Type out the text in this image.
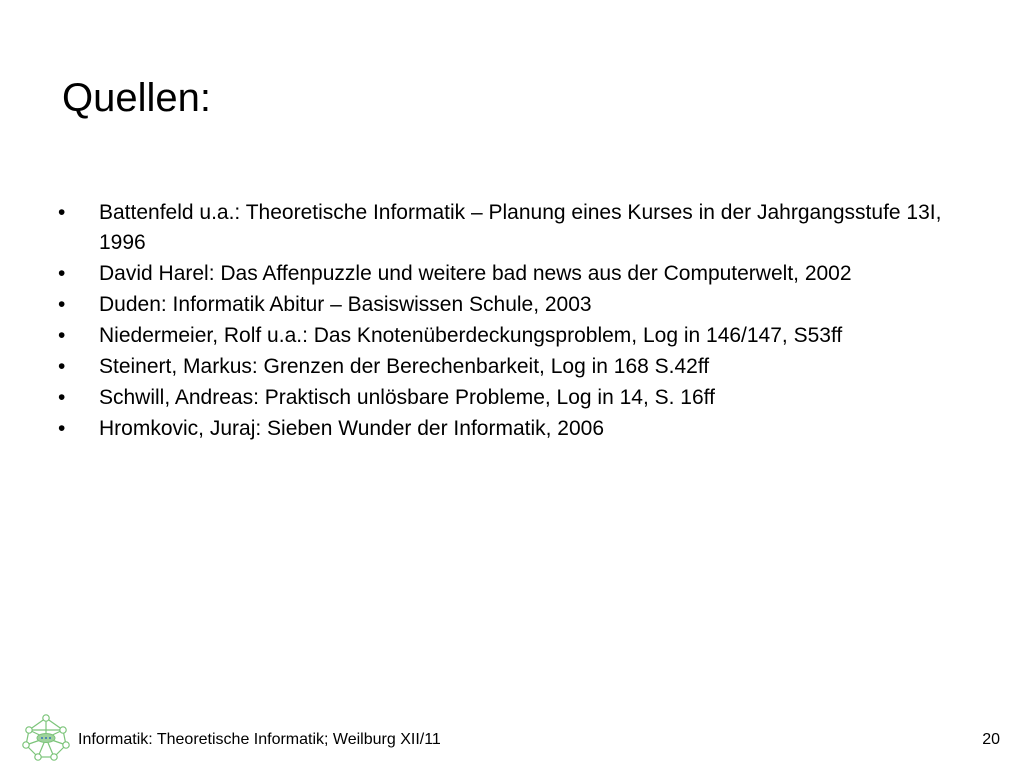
Quellen:
•	Battenfeld u.a.: Theoretische Informatik – Planung eines Kurses in der Jahrgangsstufe 13I, 1996
•	David Harel: Das Affenpuzzle und weitere bad news aus der Computerwelt, 2002
•	Duden: Informatik Abitur – Basiswissen Schule, 2003
•	Niedermeier, Rolf u.a.: Das Knotenüberdeckungsproblem, Log in 146/147, S53ff
•	Steinert, Markus: Grenzen der Berechenbarkeit, Log in 168 S.42ff
•	Schwill, Andreas: Praktisch unlösbare Probleme, Log in 14, S. 16ff
•	Hromkovic, Juraj: Sieben Wunder der Informatik, 2006
Informatik: Theoretische Informatik; Weilburg XII/11	20
